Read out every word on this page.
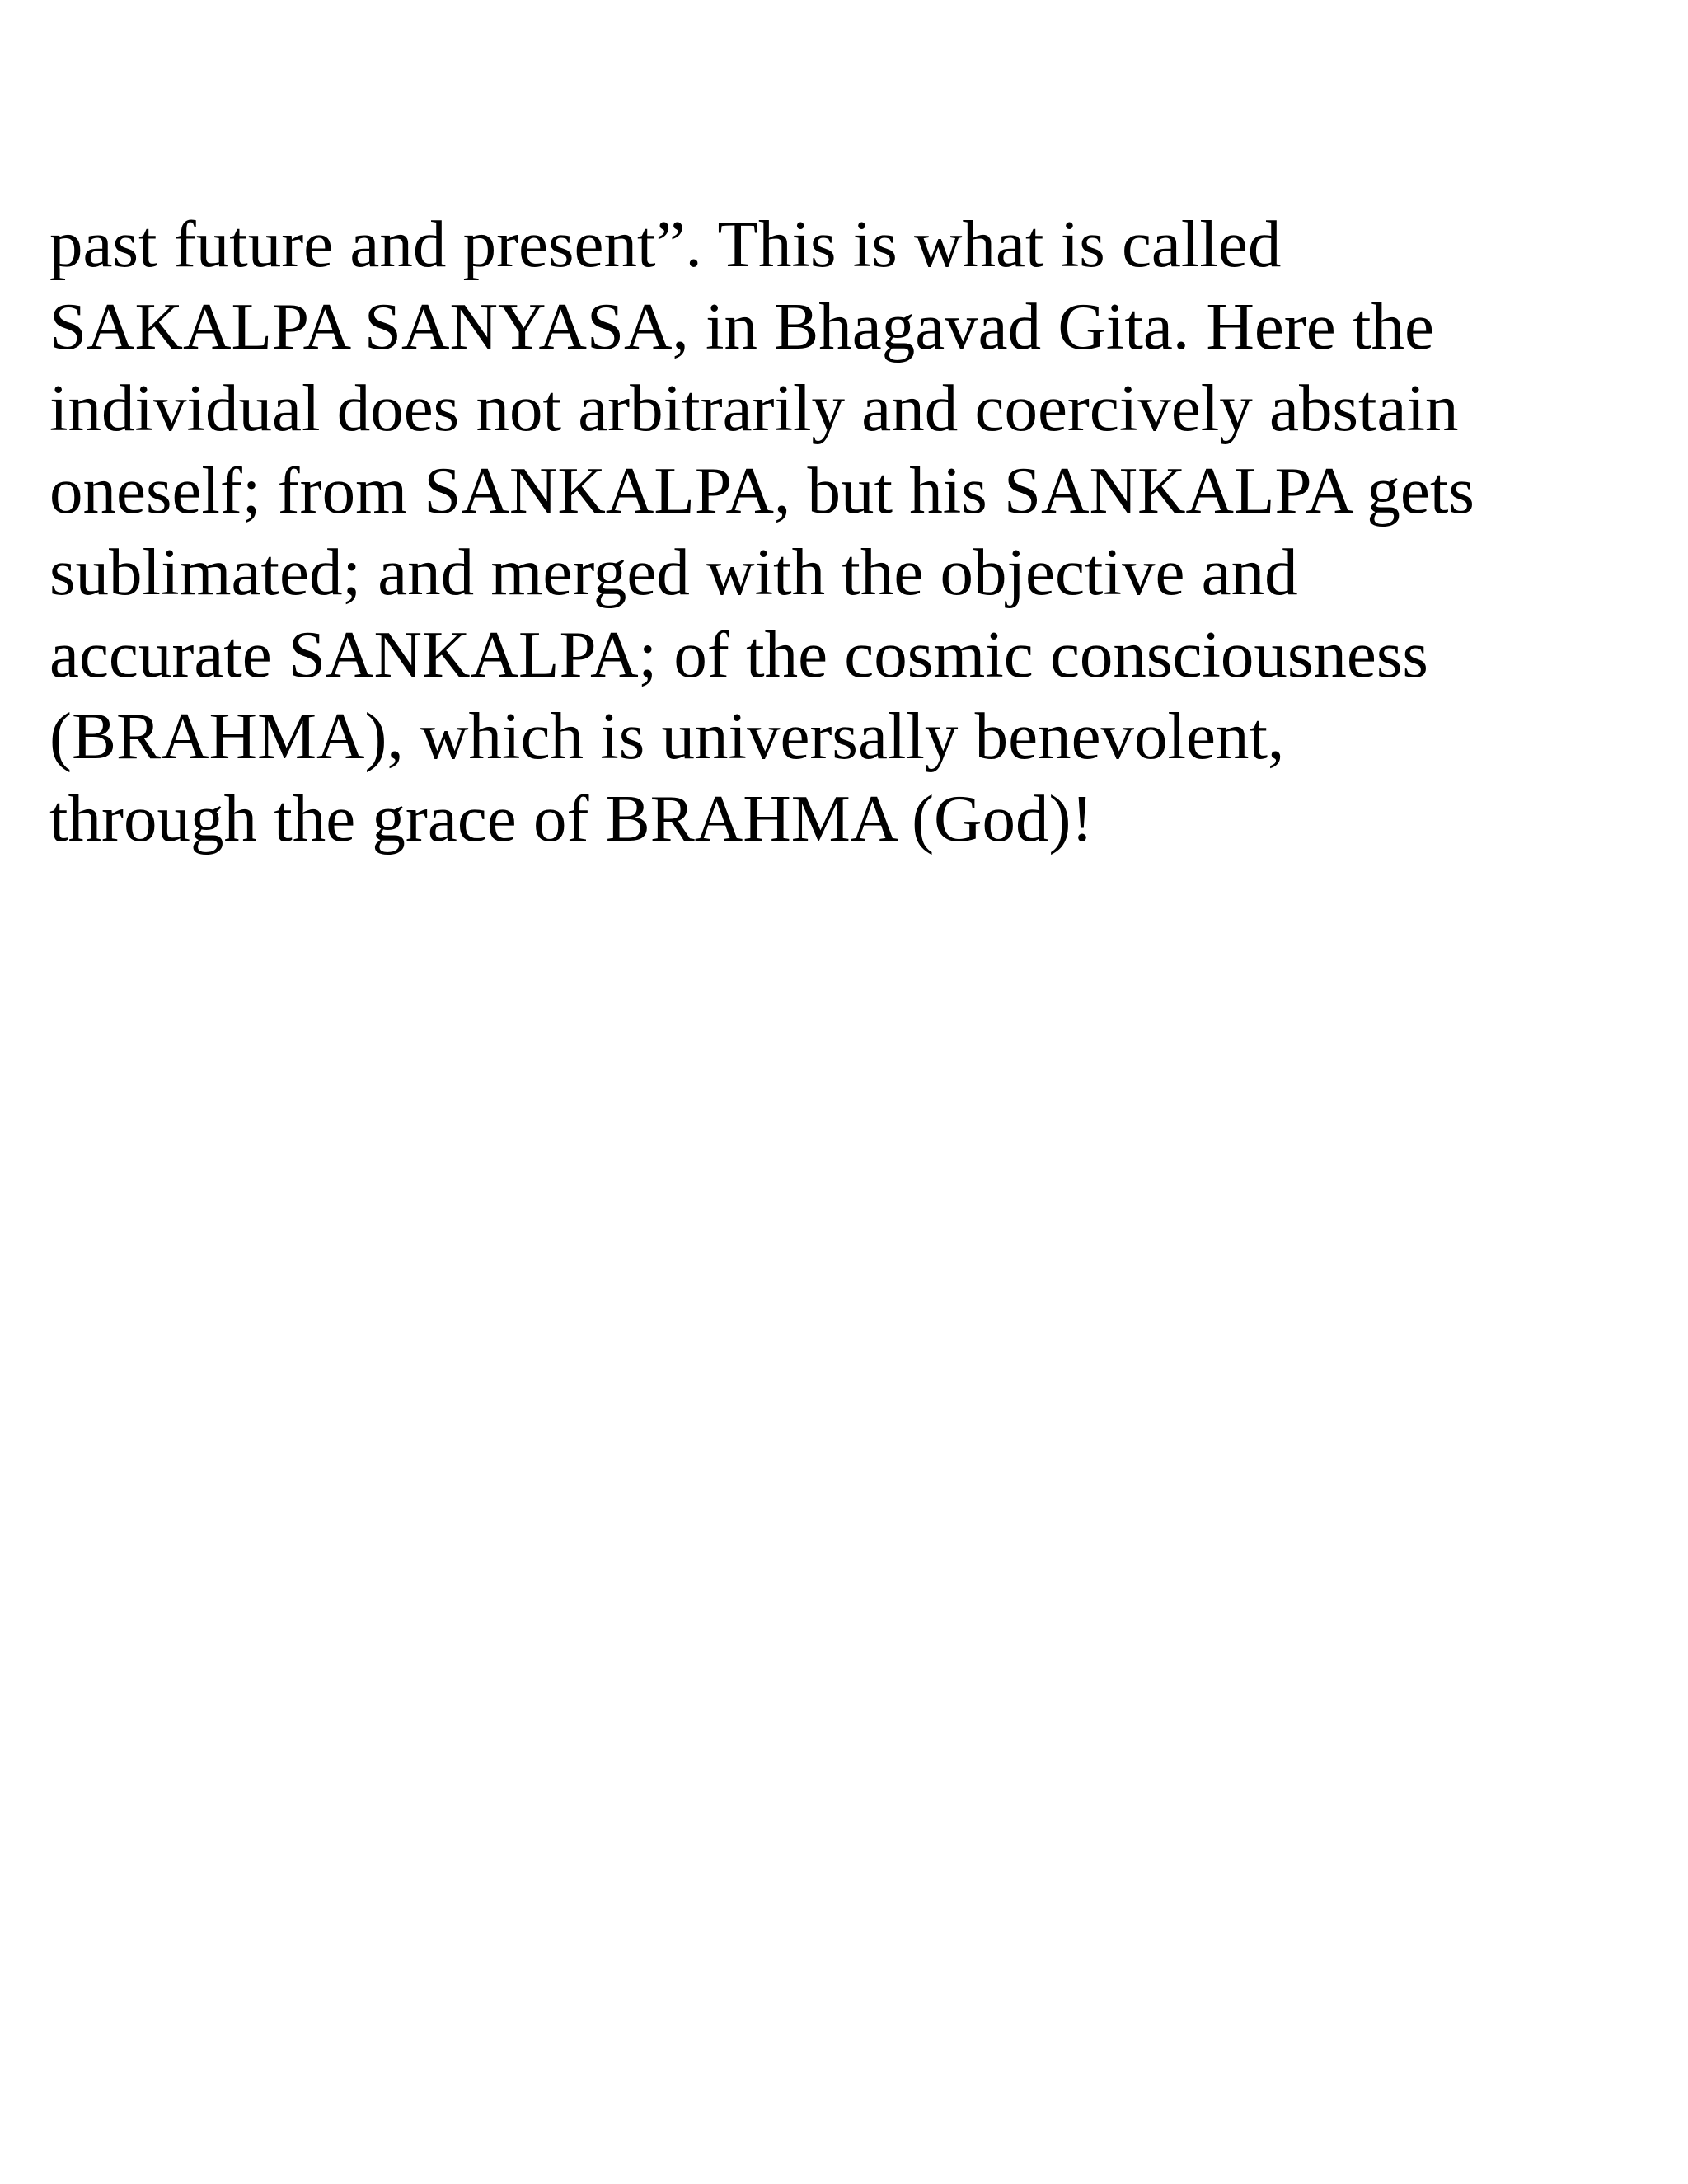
past future and present”. This is what is called
SAKALPA SANYASA, in Bhagavad Gita. Here the
individual does not arbitrarily and coercively abstain
oneself; from SANKALPA, but his SANKALPA gets
sublimated; and merged with the objective and
accurate SANKALPA; of the cosmic consciousness
(BRAHMA), which is universally benevolent,
through the grace of BRAHMA (God)!
